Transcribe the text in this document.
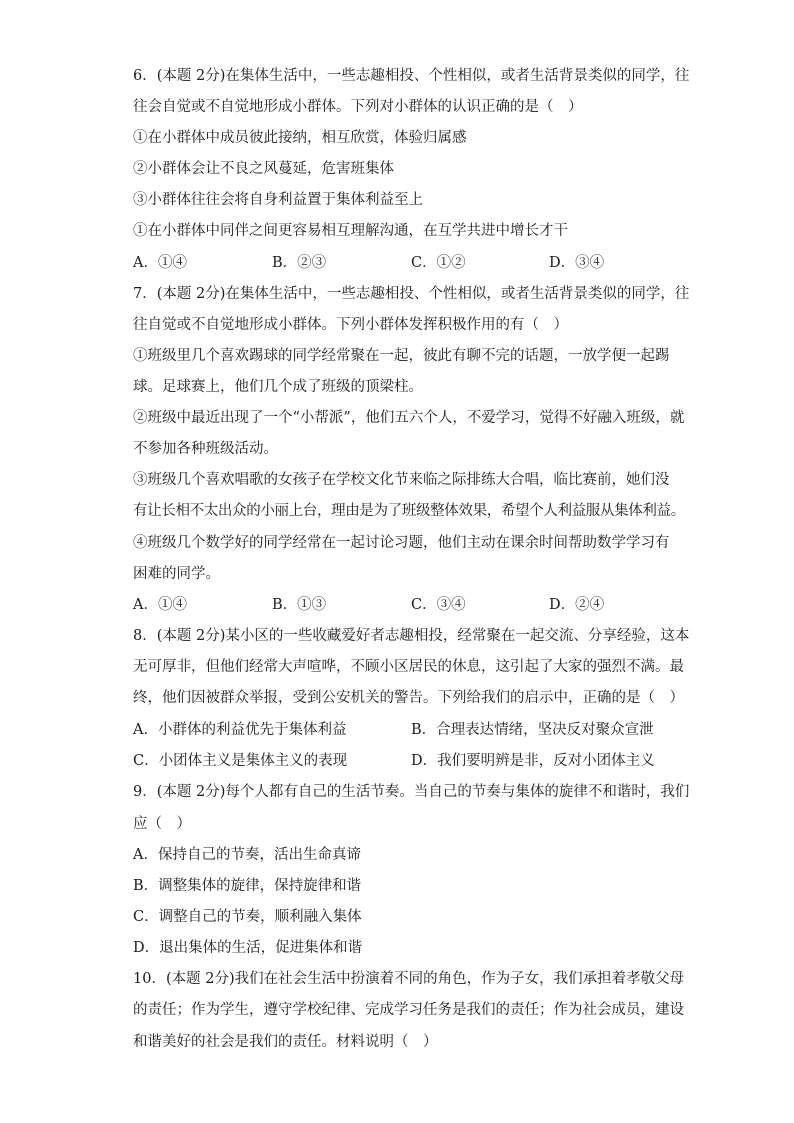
6．(本题 2分)在集体生活中，一些志趣相投、个性相似，或者生活背景类似的同学，往
往会自觉或不自觉地形成小群体。下列对小群体的认识正确的是（　）
①在小群体中成员彼此接纳，相互欣赏，体验归属感
②小群体会让不良之风蔓延，危害班集体
③小群体往往会将自身利益置于集体利益至上
①在小群体中同伴之间更容易相互理解沟通，在互学共进中增长才干
A．①④	B．②③	C．①②	D．③④
7．(本题 2分)在集体生活中，一些志趣相投、个性相似，或者生活背景类似的同学，往
往自觉或不自觉地形成小群体。下列小群体发挥积极作用的有（　）
①班级里几个喜欢踢球的同学经常聚在一起，彼此有聊不完的话题，一放学便一起踢
球。足球赛上，他们几个成了班级的顶梁柱。
②班级中最近出现了一个“小帮派”，他们五六个人，不爱学习，觉得不好融入班级，就
不参加各种班级活动。
③班级几个喜欢唱歌的女孩子在学校文化节来临之际排练大合唱，临比赛前，她们没
有让长相不太出众的小丽上台，理由是为了班级整体效果，希望个人利益服从集体利益。
④班级几个数学好的同学经常在一起讨论习题，他们主动在课余时间帮助数学学习有
困难的同学。
A．①④	B．①③	C．③④	D．②④
8．(本题 2分)某小区的一些收藏爱好者志趣相投，经常聚在一起交流、分享经验，这本
无可厚非，但他们经常大声喧哗，不顾小区居民的休息，这引起了大家的强烈不满。最
终，他们因被群众举报，受到公安机关的警告。下列给我们的启示中，正确的是（　）
A．小群体的利益优先于集体利益	B．合理表达情绪，坚决反对聚众宣泄
C．小团体主义是集体主义的表现	D．我们要明辨是非，反对小团体主义
9．(本题 2分)每个人都有自己的生活节奏。当自己的节奏与集体的旋律不和谐时，我们
应（　）
A．保持自己的节奏，活出生命真谛
B．调整集体的旋律，保持旋律和谐
C．调整自己的节奏，顺利融入集体
D．退出集体的生活，促进集体和谐
10．(本题 2分)我们在社会生活中扮演着不同的角色，作为子女，我们承担着孝敬父母
的责任；作为学生，遵守学校纪律、完成学习任务是我们的责任；作为社会成员，建设
和谐美好的社会是我们的责任。材料说明（　）
